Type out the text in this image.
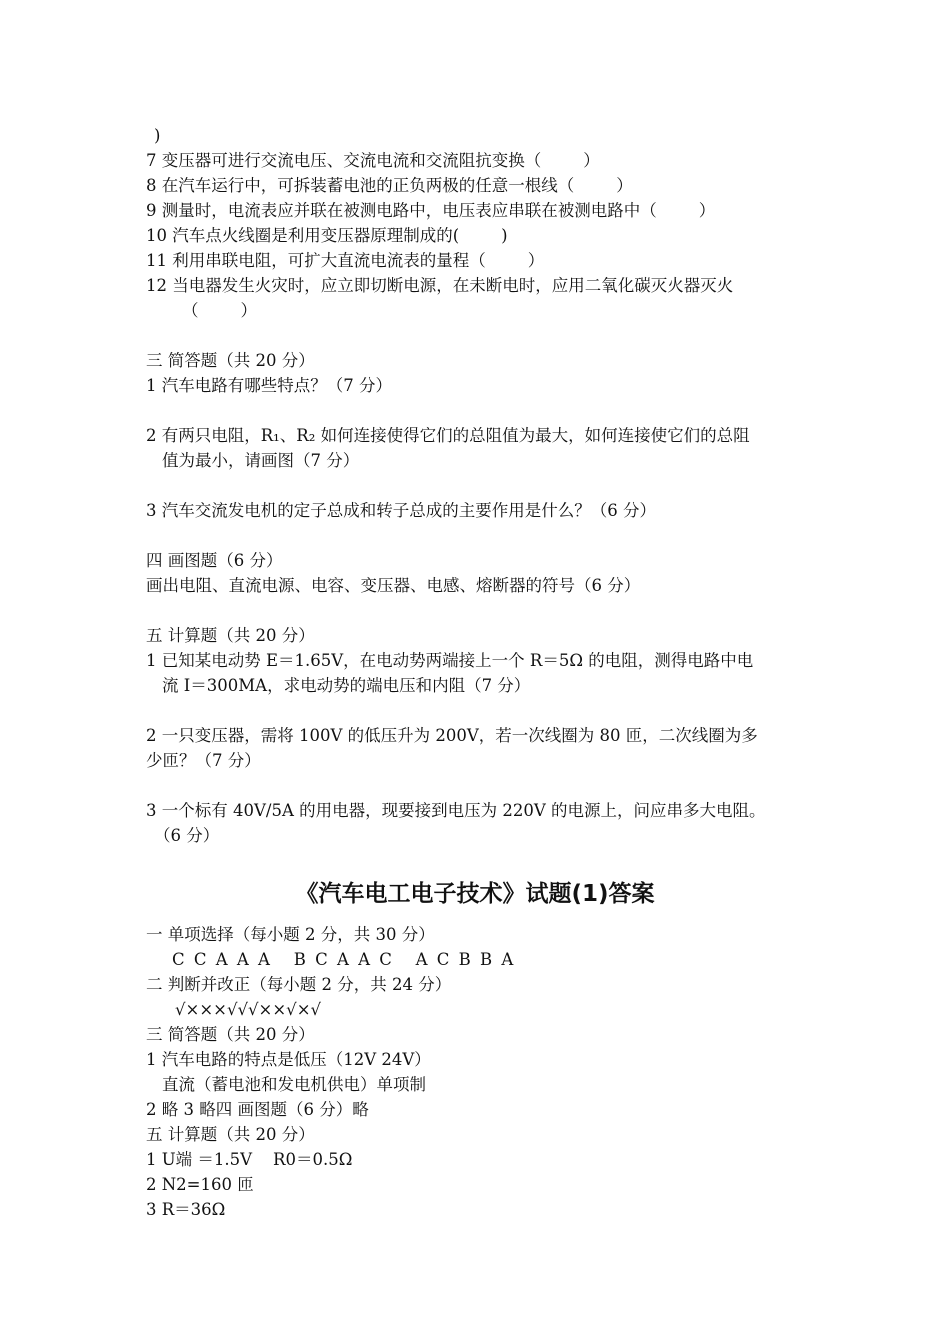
)
7 变压器可进行交流电压、交流电流和交流阻抗变换（        ）
8 在汽车运行中，可拆装蓄电池的正负两极的任意一根线（        ）
9 测量时，电流表应并联在被测电路中，电压表应串联在被测电路中（        ）
10 汽车点火线圈是利用变压器原理制成的(        )
11 利用串联电阻，可扩大直流电流表的量程（        ）
12 当电器发生火灾时，应立即切断电源，在未断电时，应用二氧化碳灭火器灭火
（        ）
三 简答题（共 20 分）
1 汽车电路有哪些特点？（7 分）
2 有两只电阻，R₁、R₂ 如何连接使得它们的总阻值为最大，如何连接使它们的总阻
值为最小，请画图（7 分）
3 汽车交流发电机的定子总成和转子总成的主要作用是什么？（6 分）
四 画图题（6 分）
画出电阻、直流电源、电容、变压器、电感、熔断器的符号（6 分）
五 计算题（共 20 分）
1 已知某电动势 E＝1.65V，在电动势两端接上一个 R＝5Ω 的电阻，测得电路中电
流 I＝300MA，求电动势的端电压和内阻（7 分）
2 一只变压器，需将 100V 的低压升为 200V，若一次线圈为 80 匝，二次线圈为多
少匝？（7 分）
3 一个标有 40V/5A 的用电器，现要接到电压为 220V 的电源上，问应串多大电阻。
（6 分）
《汽车电工电子技术》试题(1)答案
一 单项选择（每小题 2 分，共 30 分）
C C A A A   B C A A C   A C B B A
二 判断并改正（每小题 2 分，共 24 分）
√×××√√√××√×√
三 简答题（共 20 分）
1 汽车电路的特点是低压（12V 24V）
直流（蓄电池和发电机供电）单项制
2 略 3 略四 画图题（6 分）略
五 计算题（共 20 分）
1 U端 ＝1.5V    R0＝0.5Ω
2 N2=160 匝
3 R＝36Ω
